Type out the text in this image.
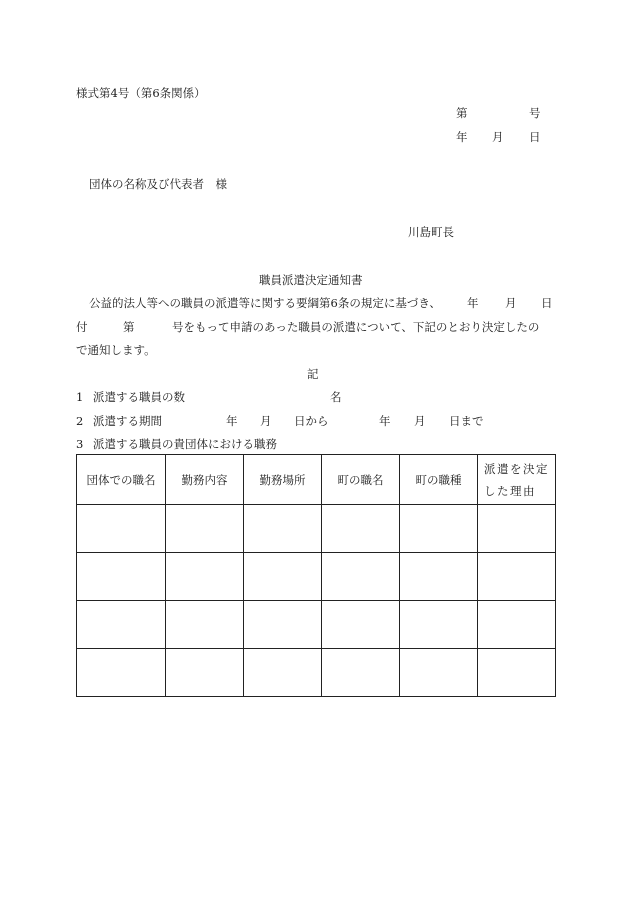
様式第4号（第6条関係）
第	号
年 月 日
団体の名称及び代表者　様
川島町長
職員派遣決定通知書
公益的法人等への職員の派遣等に関する要綱第6条の規定に基づき、 年 月 日
付	第	号をもって申請のあった職員の派遣について、下記のとおり決定したの
で通知します。
記
1 派遣する職員の数	名
2 派遣する期間	年 月 日から	年 月 日まで
3 派遣する職員の貴団体における職務
団体での職名	勤務内容	勤務場所	町の職名	町の職種	派遣を決定した理由
